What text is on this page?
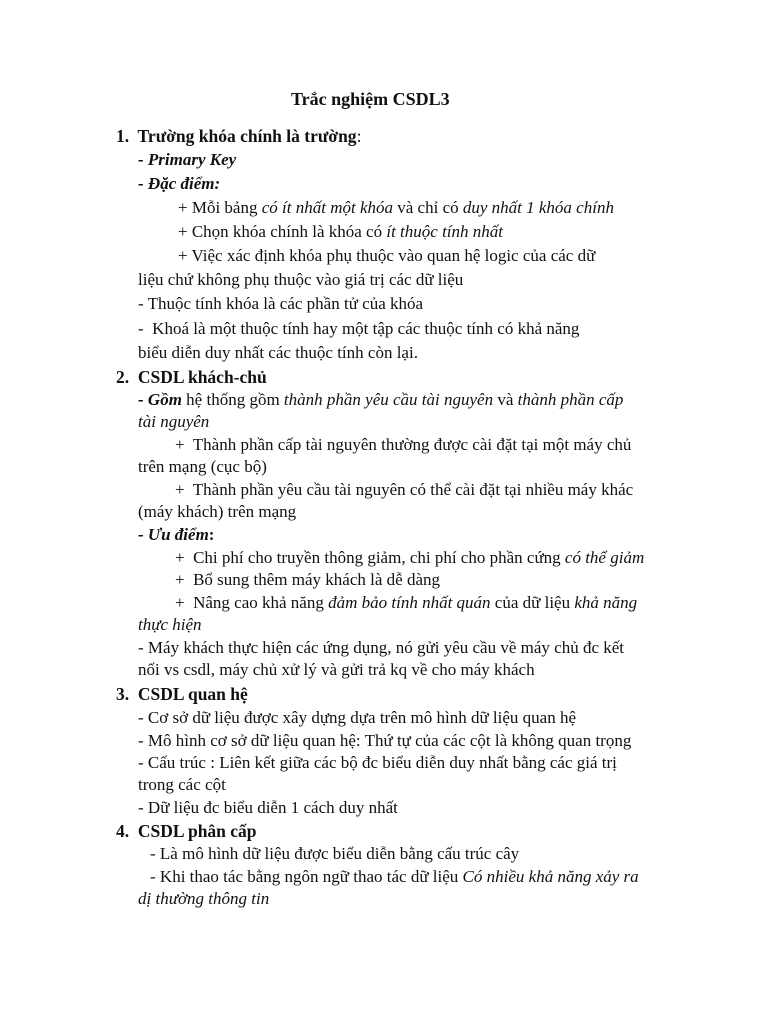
Trắc nghiệm CSDL3
1.  Trường khóa chính là trường:
- Primary Key
- Đặc điểm:
+ Mỗi bảng có ít nhất một khóa và chỉ có duy nhất 1 khóa chính
+ Chọn khóa chính là khóa có ít thuộc tính nhất
+ Việc xác định khóa phụ thuộc vào quan hệ logic của các dữ
liệu chứ không phụ thuộc vào giá trị các dữ liệu
- Thuộc tính khóa là các phần tử của khóa
-  Khoá là một thuộc tính hay một tập các thuộc tính có khả năng
biểu diễn duy nhất các thuộc tính còn lại.
2.  CSDL khách-chủ
- Gồm hệ thống gồm thành phần yêu cầu tài nguyên và thành phần cấp
tài nguyên
+  Thành phần cấp tài nguyên thường được cài đặt tại một máy chủ
trên mạng (cục bộ)
+  Thành phần yêu cầu tài nguyên có thể cài đặt tại nhiều máy khác
(máy khách) trên mạng
- Ưu điểm:
+  Chi phí cho truyền thông giảm, chi phí cho phần cứng có thể giảm
+  Bổ sung thêm máy khách là dễ dàng
+  Nâng cao khả năng đảm bảo tính nhất quán của dữ liệu khả năng
thực hiện
- Máy khách thực hiện các ứng dụng, nó gửi yêu cầu về máy chủ đc kết
nối vs csdl, máy chủ xử lý và gửi trả kq về cho máy khách
3.  CSDL quan hệ
- Cơ sở dữ liệu được xây dựng dựa trên mô hình dữ liệu quan hệ
- Mô hình cơ sở dữ liệu quan hệ: Thứ tự của các cột là không quan trọng
- Cấu trúc : Liên kết giữa các bộ đc biểu diễn duy nhất bằng các giá trị
trong các cột
- Dữ liệu đc biểu diễn 1 cách duy nhất
4.  CSDL phân cấp
- Là mô hình dữ liệu được biểu diễn bằng cấu trúc cây
- Khi thao tác bằng ngôn ngữ thao tác dữ liệu Có nhiều khả năng xảy ra
dị thường thông tin
